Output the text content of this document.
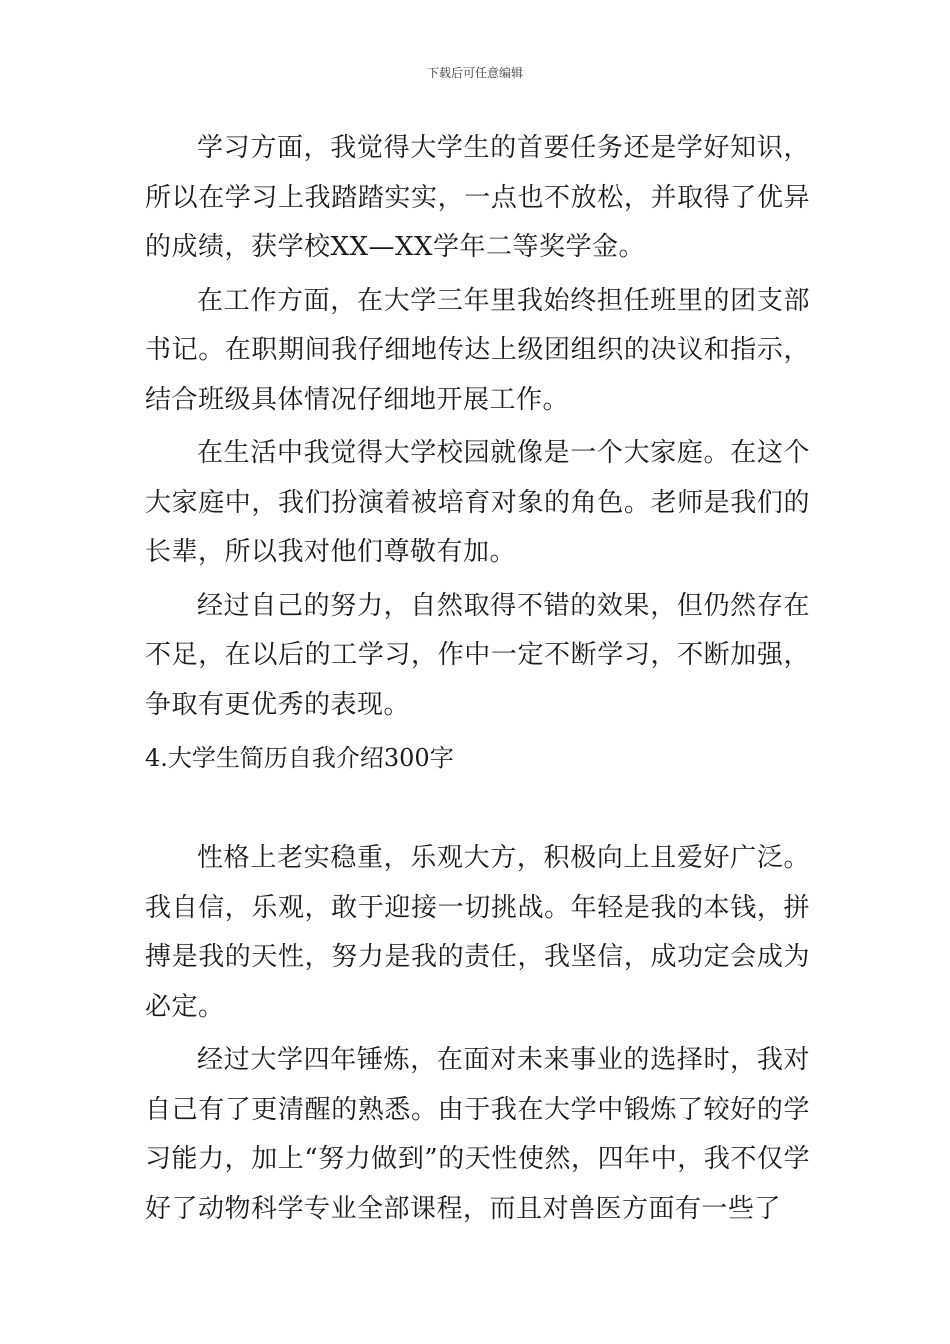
下载后可任意编辑

学习方面，我觉得大学生的首要任务还是学好知识，所以在学习上我踏踏实实，一点也不放松，并取得了优异的成绩，获学校XX—XX学年二等奖学金。

在工作方面，在大学三年里我始终担任班里的团支部书记。在职期间我仔细地传达上级团组织的决议和指示，结合班级具体情况仔细地开展工作。

在生活中我觉得大学校园就像是一个大家庭。在这个大家庭中，我们扮演着被培育对象的角色。老师是我们的长辈，所以我对他们尊敬有加。

经过自己的努力，自然取得不错的效果，但仍然存在不足，在以后的工学习，作中一定不断学习，不断加强，争取有更优秀的表现。

4.大学生简历自我介绍300字

性格上老实稳重，乐观大方，积极向上且爱好广泛。我自信，乐观，敢于迎接一切挑战。年轻是我的本钱，拼搏是我的天性，努力是我的责任，我坚信，成功定会成为必定。

经过大学四年锤炼，在面对未来事业的选择时，我对自己有了更清醒的熟悉。由于我在大学中锻炼了较好的学习能力，加上“努力做到”的天性使然，四年中，我不仅学好了动物科学专业全部课程，而且对兽医方面有一些了
